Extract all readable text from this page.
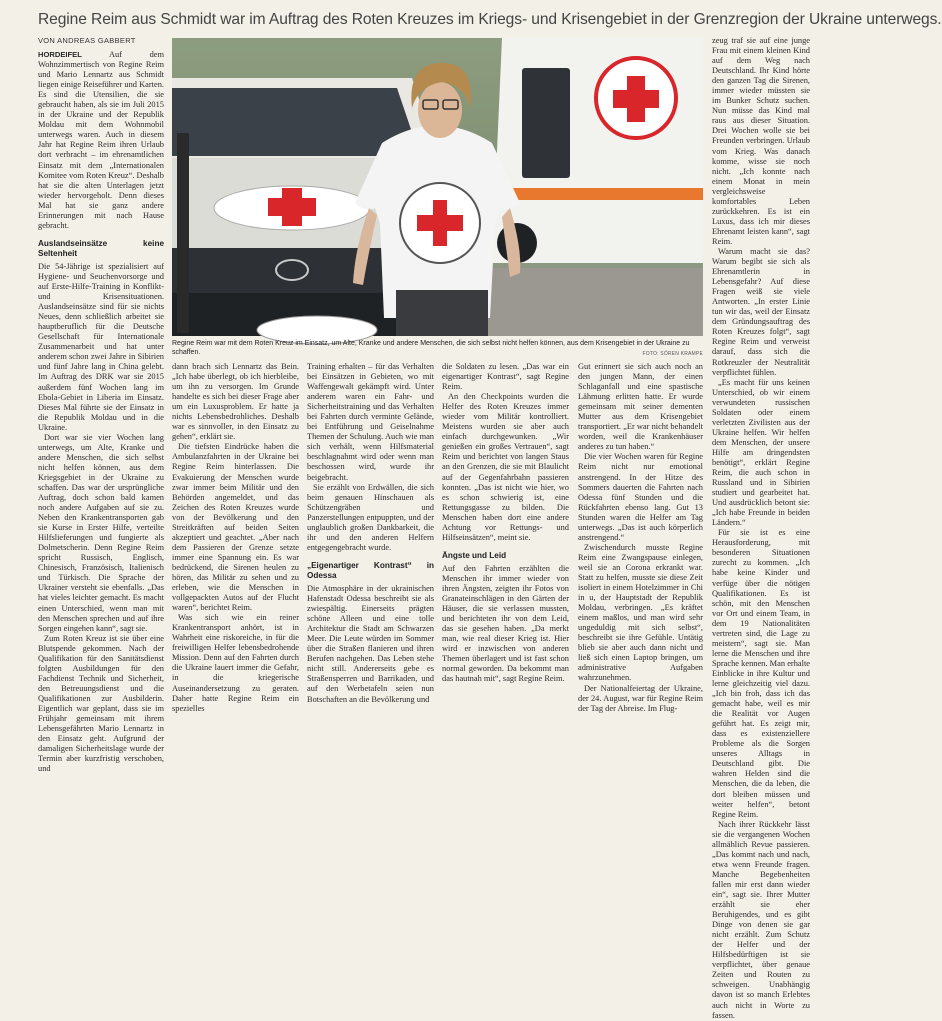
Regine Reim aus Schmidt war im Auftrag des Roten Kreuzes im Kriegs- und Krisengebiet in der Grenzregion der Ukraine unterwegs.
VON ANDREAS GABBERT

HORDEIFEL	Auf dem Wohnzimmertisch von Regine Reim und Mario Lennartz aus Schmidt liegen einige Reiseführer und Karten. Es sind die Utensilien, die sie gebraucht haben, als sie im Juli 2015 in der Ukraine und der Republik Moldau mit dem Wohnmobil unterwegs waren. Auch in diesem Jahr hat Regine Reim ihren Urlaub dort verbracht – im ehrenamtlichen Einsatz mit dem „Internationalen Komitee vom Roten Kreuz“. Deshalb hat sie die alten Unterlagen jetzt wieder hervorgeholt. Denn dieses Mal hat sie ganz andere Erinnerungen mit nach Hause gebracht.

Auslandseinsätze keine Seltenheit

Die 54-Jährige ist spezialisiert auf Hygiene- und Seuchenvorsorge und auf Erste-Hilfe-Training in Konflikt- und Krisensituationen. Auslandseinsätze sind für sie nichts Neues, denn schließlich arbeitet sie hauptberuflich für die Deutsche Gesellschaft für Internationale Zusammenarbeit und hat unter anderem schon zwei Jahre in Sibirien und fünf Jahre lang in China gelebt. Im Auftrag des DRK war sie 2015 außerdem fünf Wochen lang im Ebola-Gebiet in Liberia im Einsatz. Dieses Mal führte sie der Einsatz in die Republik Moldau und in die Ukraine.

Dort war sie vier Wochen lang unterwegs, um Alte, Kranke und andere Menschen, die sich selbst nicht helfen können, aus dem Kriegsgebiet in der Ukraine zu schaffen. Das war der ursprüngliche Auftrag, doch schon bald kamen noch andere Aufgaben auf sie zu. Neben den Krankentransporten gab sie Kurse in Erster Hilfe, verteilte Hilfslieferungen und fungierte als Dolmetscherin. Denn Regine Reim spricht Russisch, Englisch, Chinesisch, Französisch, Italienisch und Türkisch. Die Sprache der Ukrainer versteht sie ebenfalls. „Das hat vieles leichter gemacht. Es macht einen Unterschied, wenn man mit den Menschen sprechen und auf ihre Sorgen eingehen kann“, sagt sie.

Zum Roten Kreuz ist sie über eine Blutspende gekommen. Nach der Qualifikation für den Sanitätsdienst folgten Ausbildungen für den Fachdienst Technik und Sicherheit, den Betreuungsdienst und die Qualifikationen zur Ausbilderin. Eigentlich war geplant, dass sie im Frühjahr gemeinsam mit ihrem Lebensgefährten Mario Lennartz in den Einsatz geht. Aufgrund der damaligen Sicherheitslage wurde der Termin aber kurzfristig verschoben, und

Regine Reim war mit dem Roten Kreuz im Einsatz, um Alte, Kranke und andere Menschen, die sich selbst nicht helfen können, aus dem Krisengebiet in der Ukraine zu schaffen.	FOTO: SÖREN KRAMPE

dann brach sich Lennartz das Bein. „Ich habe überlegt, ob ich hierbleibe, um ihn zu versorgen. Im Grunde handelte es sich bei dieser Frage aber um ein Luxusproblem. Er hatte ja nichts Lebensbedrohliches. Deshalb war es sinnvoller, in den Einsatz zu gehen“, erklärt sie.

Die tiefsten Eindrücke haben die Ambulanzfahrten in der Ukraine bei Regine Reim hinterlassen. Die Evakuierung der Menschen wurde zwar immer beim Militär und den Behörden angemeldet, und das Zeichen des Roten Kreuzes wurde von der Bevölkerung und den Streitkräften auf beiden Seiten akzeptiert und geachtet. „Aber nach dem Passieren der Grenze setzte immer eine Spannung ein. Es war bedrückend, die Sirenen heulen zu hören, das Militär zu sehen und zu erleben, wie die Menschen in vollgepackten Autos auf der Flucht waren“, berichtet Reim.

Was sich wie ein reiner Krankentransport anhört, ist in Wahrheit eine riskoreiche, in für die freiwilligen Helfer lebensbedrohende Mission. Denn auf den Fahrten durch die Ukraine lauert immer die Gefahr, in die kriegerische Auseinandersetzung zu geraten. Daher hatte Regine Reim ein spezielles

Training erhalten – für das Verhalten bei Einsätzen in Gebieten, wo mit Waffengewalt gekämpft wird. Unter anderem waren ein Fahr- und Sicherheitstraining und das Verhalten bei Fahrten durch verminte Gelände, bei Entführung und Geiselnahme Themen der Schulung. Auch wie man sich verhält, wenn Hilfsmaterial beschlagnahmt wird oder wenn man beschossen wird, wurde ihr beigebracht.

Sie erzählt von Erdwällen, die sich beim genauen Hinschauen als Schützengräben und Panzerstellungen entpuppten, und der unglaublich großen Dankbarkeit, die ihr und den anderen Helfern entgegengebracht wurde.

„Eigenartiger Kontrast“ in Odessa

Die Atmosphäre in der ukrainischen Hafenstadt Odessa beschreibt sie als zwiespältig. Einerseits prägten schöne Alleen und eine tolle Architektur die Stadt am Schwarzen Meer. Die Leute würden im Sommer über die Straßen flanieren und ihren Berufen nachgehen. Das Leben stehe nicht still. Andererseits gebe es Straßensperren und Barrikaden, und auf den Werbetafeln seien nun Botschaften an die Bevölkerung und

die Soldaten zu lesen. „Das war ein eigenartiger Kontrast“, sagt Regine Reim.

An den Checkpoints wurden die Helfer des Roten Kreuzes immer wieder vom Militär kontrolliert. Meistens wurden sie aber auch einfach durchgewunken. „Wir genießen ein großes Vertrauen“, sagt Reim und berichtet von langen Staus an den Grenzen, die sie mit Blaulicht auf der Gegenfahrbahn passieren konnten. „Das ist nicht wie hier, wo es schon schwierig ist, eine Rettungsgasse zu bilden. Die Menschen haben dort eine andere Achtung vor Rettungs- und Hilfseinsätzen“, meint sie.

Ängste und Leid

Auf den Fahrten erzählten die Menschen ihr immer wieder von ihren Ängsten, zeigten ihr Fotos von Granateinschlägen in den Gärten der Häuser, die sie verlassen mussten, und berichteten ihr von dem Leid, das sie gesehen haben. „Da merkt man, wie real dieser Krieg ist. Hier wird er inzwischen von anderen Themen überlagert und ist fast schon normal geworden. Da bekommt man das hautnah mit“, sagt Regine Reim.

Gut erinnert sie sich auch noch an den jungen Mann, der einen Schlaganfall und eine spastische Lähmung erlitten hatte. Er wurde gemeinsam mit seiner dementen Mutter aus dem Krisengebiet transportiert. „Er war nicht behandelt worden, weil die Krankenhäuser anderes zu tun haben.“

Die vier Wochen waren für Regine Reim nicht nur emotional anstrengend. In der Hitze des Sommers dauerten die Fahrten nach Odessa fünf Stunden und die Rückfahrten ebenso lang. Gut 13 Stunden waren die Helfer am Tag unterwegs. „Das ist auch körperlich anstrengend.“

Zwischendurch musste Regine Reim eine Zwangspause einlegen, weil sie an Corona erkrankt war. Statt zu helfen, musste sie diese Zeit isoliert in einem Hotelzimmer in Chi in u, der Hauptstadt der Republik Moldau, verbringen. „Es kräftet einem maßlos, und man wird sehr ungeduldig mit sich selbst“, beschreibt sie ihre Gefühle. Untätig blieb sie aber auch dann nicht und ließ sich einen Laptop bringen, um administrative Aufgaben wahrzunehmen.

Der Nationalfeiertag der Ukraine, der 24. August, war für Regine Reim der Tag der Abreise. Im Flug-

zeug traf sie auf eine junge Frau mit einem kleinen Kind auf dem Weg nach Deutschland. Ihr Kind hörte den ganzen Tag die Sirenen, immer wieder müssten sie im Bunker Schutz suchen. Nun müsse das Kind mal raus aus dieser Situation. Drei Wochen wolle sie bei Freunden verbringen. Urlaub vom Krieg. Was danach komme, wisse sie noch nicht. „Ich konnte nach einem Monat in mein vergleichsweise komfortables Leben zurückkehren. Es ist ein Luxus, dass ich mir dieses Ehrenamt leisten kann“, sagt Reim.

Warum macht sie das? Warum begibt sie sich als Ehrenamtlerin in Lebensgefahr? Auf diese Fragen weiß sie viele Antworten. „In erster Linie tun wir das, weil der Einsatz dem Gründungsauftrag des Roten Kreuzes folgt“, sagt Regine Reim und verweist darauf, dass sich die Rotkreuzler der Neutralität verpflichtet fühlen.

„Es macht für uns keinen Unterschied, ob wir einem verwundeten russischen Soldaten oder einem verletzten Zivilisten aus der Ukraine helfen. Wir helfen dem Menschen, der unsere Hilfe am dringendsten benötigt“, erklärt Regine Reim, die auch schon in Russland und in Sibirien studiert und gearbeitet hat. Und ausdrücklich betont sie: „Ich habe Freunde in beiden Ländern.“

Für sie ist es eine Herausforderung, mit besonderen Situationen zurecht zu kommen. „Ich habe keine Kinder und verfüge über die nötigen Qualifikationen. Es ist schön, mit den Menschen vor Ort und einem Team, in dem 19 Nationalitäten vertreten sind, die Lage zu meistern“, sagt sie. Man lerne die Menschen und ihre Sprache kennen. Man erhalte Einblicke in ihre Kultur und lerne gleichzeitig viel dazu. „Ich bin froh, dass ich das gemacht habe, weil es mir die Realität vor Augen geführt hat. Es zeigt mir, dass es existenziellere Probleme als die Sorgen unseres Alltags in Deutschland gibt. Die wahren Helden sind die Menschen, die da leben, die dort bleiben müssen und weiter helfen“, betont Regine Reim.

Nach ihrer Rückkehr lässt sie die vergangenen Wochen allmählich Revue passieren. „Das kommt nach und nach, etwa wenn Freunde fragen. Manche Begebenheiten fallen mir erst dann wieder ein“, sagt sie. Ihrer Mutter erzählt sie eher Beruhigendes, und es gibt Dinge von denen sie gar nicht erzählt. Zum Schutz der Helfer und der Hilfsbedürftigen ist sie verpflichtet, über genaue Zeiten und Routen zu schweigen. Unabhängig davon ist so manch Erlebtes auch nicht in Worte zu fassen.
